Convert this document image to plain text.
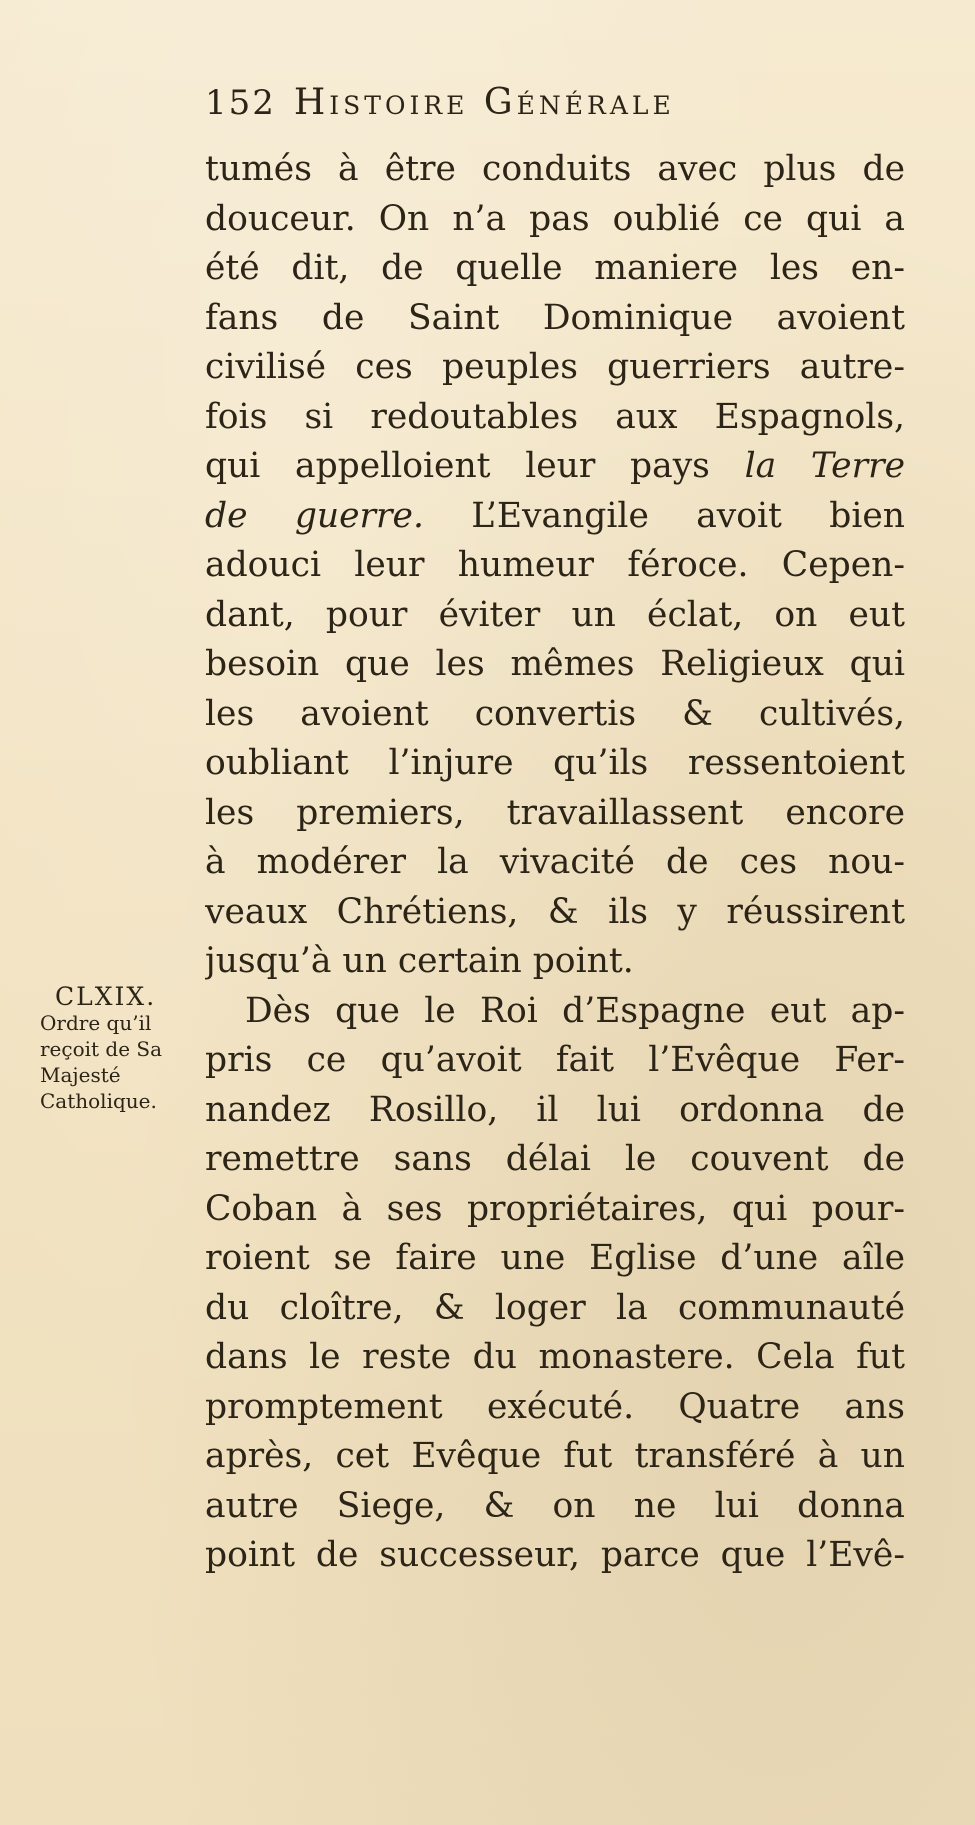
152 Histoire Générale
CLXIX.
Ordre qu’il reçoit de Sa Majesté Catholique.
tumés à être conduits avec plus de
douceur. On n’a pas oublié ce qui a
été dit, de quelle maniere les en-
fans de Saint Dominique avoient
civilisé ces peuples guerriers autre-
fois si redoutables aux Espagnols,
qui appelloient leur pays la Terre
de guerre. L’Evangile avoit bien
adouci leur humeur féroce. Cepen-
dant, pour éviter un éclat, on eut
besoin que les mêmes Religieux qui
les avoient convertis & cultivés,
oubliant l’injure qu’ils ressentoient
les premiers, travaillassent encore
à modérer la vivacité de ces nou-
veaux Chrétiens, & ils y réussirent
jusqu’à un certain point.
Dès que le Roi d’Espagne eut ap-
pris ce qu’avoit fait l’Evêque Fer-
nandez Rosillo, il lui ordonna de
remettre sans délai le couvent de
Coban à ses propriétaires, qui pour-
roient se faire une Eglise d’une aîle
du cloître, & loger la communauté
dans le reste du monastere. Cela fut
promptement exécuté. Quatre ans
après, cet Evêque fut transféré à un
autre Siege, & on ne lui donna
point de successeur, parce que l’Evê-
